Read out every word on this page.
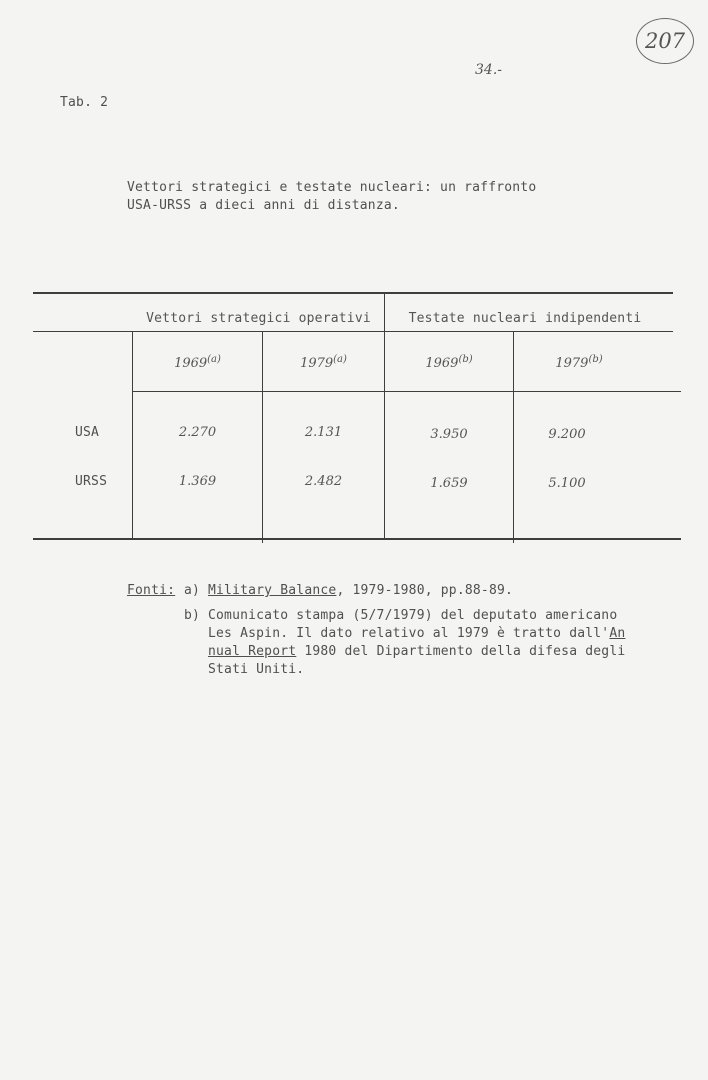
34.-
207
Tab. 2
Vettori strategici e testate nucleari: un raffronto
USA-URSS a dieci anni di distanza.
Vettori strategici operativi	Testate nucleari indipendenti
1969$^{(a)}$	1979$^{(a)}$	1969$^{(b)}$	1979$^{(b)}$
USA	2.270	2.131	3.950	9.200
URSS	1.369	2.482	1.659	5.100
Fonti: a) Military Balance, 1979-1980, pp.88-89.
b) Comunicato stampa (5/7/1979) del deputato americano
Les Aspin. Il dato relativo al 1979 è tratto dall'An
nual Report 1980 del Dipartimento della difesa degli
Stati Uniti.
